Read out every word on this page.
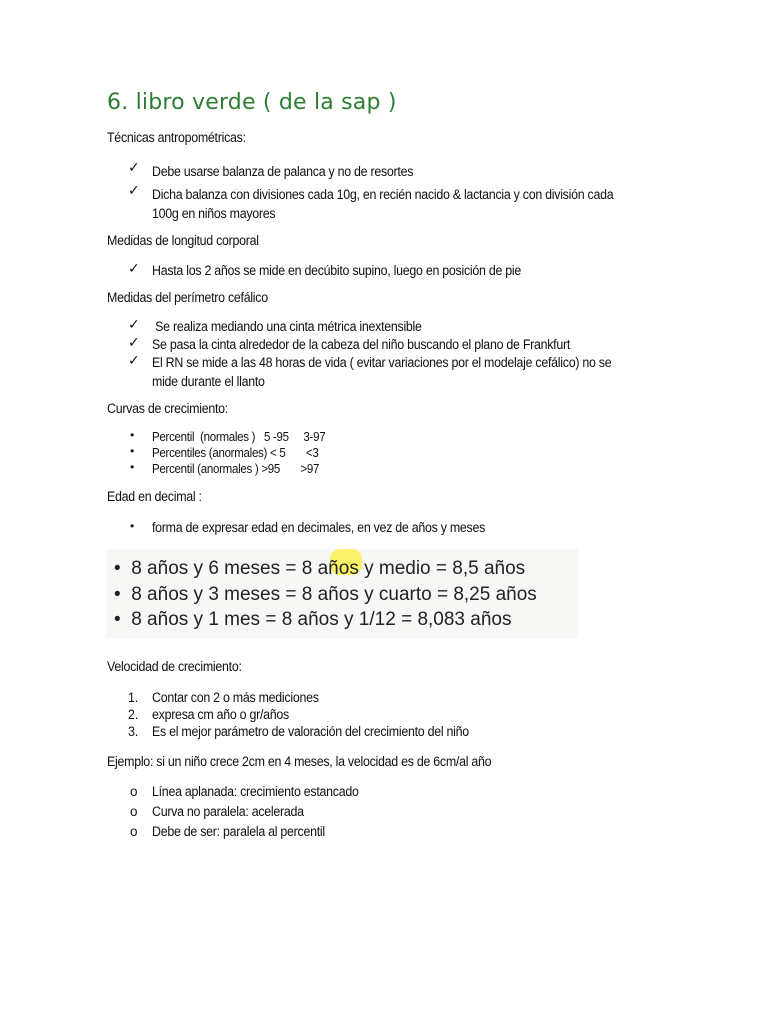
6. libro verde ( de la sap )
Técnicas antropométricas:
✓ Debe usarse balanza de palanca y no de resortes
✓ Dicha balanza con divisiones cada 10g, en recién nacido & lactancia y con división cada
100g en niños mayores
Medidas de longitud corporal
✓ Hasta los 2 años se mide en decúbito supino, luego en posición de pie
Medidas del perímetro cefálico
✓ Se realiza mediando una cinta métrica inextensible
✓ Se pasa la cinta alrededor de la cabeza del niño buscando el plano de Frankfurt
✓ El RN se mide a las 48 horas de vida ( evitar variaciones por el modelaje cefálico) no se
mide durante el llanto
Curvas de crecimiento:
• Percentil  (normales )   5 -95     3-97
• Percentiles (anormales) < 5       <3
• Percentil (anormales ) >95       >97
Edad en decimal :
• forma de expresar edad en decimales, en vez de años y meses
•  8 años y 6 meses = 8 años y medio = 8,5 años
•  8 años y 3 meses = 8 años y cuarto = 8,25 años
•  8 años y 1 mes = 8 años y 1/12 = 8,083 años
Velocidad de crecimiento:
1. Contar con 2 o más mediciones
2. expresa cm año o gr/años
3. Es el mejor parámetro de valoración del crecimiento del niño
Ejemplo: si un niño crece 2cm en 4 meses, la velocidad es de 6cm/al año
o Línea aplanada: crecimiento estancado
o Curva no paralela: acelerada
o Debe de ser: paralela al percentil
